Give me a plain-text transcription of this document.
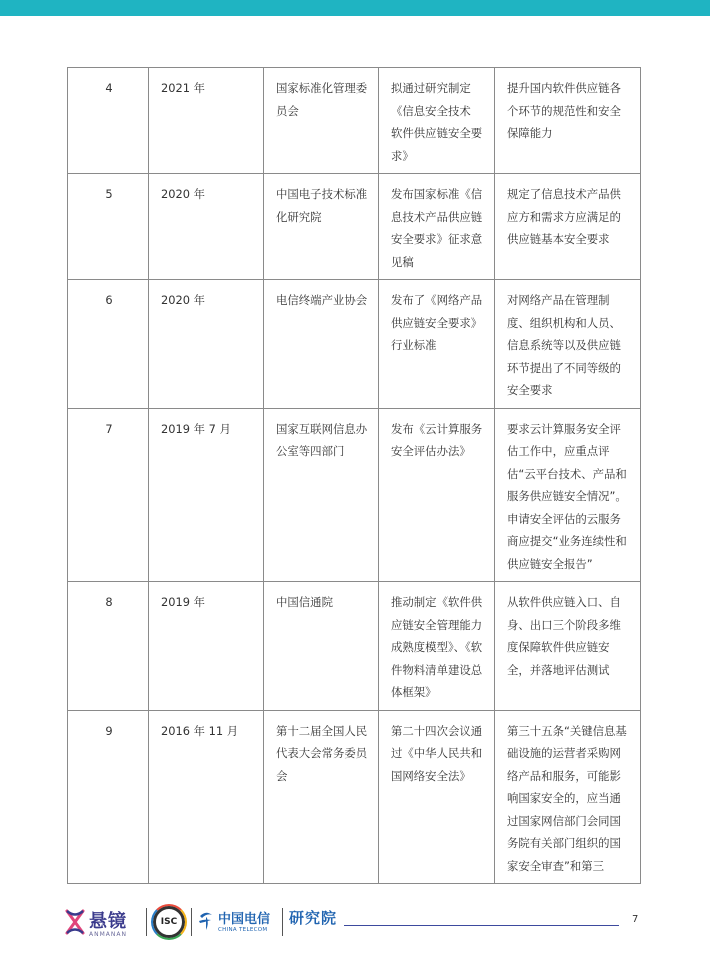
4	2021 年	国家标准化管理委员会	拟通过研究制定《信息安全技术 软件供应链安全要求》	提升国内软件供应链各个环节的规范性和安全保障能力
5	2020 年	中国电子技术标准化研究院	发布国家标准《信息技术产品供应链安全要求》征求意见稿	规定了信息技术产品供应方和需求方应满足的供应链基本安全要求
6	2020 年	电信终端产业协会	发布了《网络产品供应链安全要求》行业标准	对网络产品在管理制度、组织机构和人员、信息系统等以及供应链环节提出了不同等级的安全要求
7	2019 年 7 月	国家互联网信息办公室等四部门	发布《云计算服务安全评估办法》	要求云计算服务安全评估工作中，应重点评估“云平台技术、产品和服务供应链安全情况”。申请安全评估的云服务商应提交“业务连续性和供应链安全报告”
8	2019 年	中国信通院	推动制定《软件供应链安全管理能力成熟度模型》、《软件物料清单建设总体框架》	从软件供应链入口、自身、出口三个阶段多维度保障软件供应链安全，并落地评估测试
9	2016 年 11 月	第十二届全国人民代表大会常务委员会	第二十四次会议通过《中华人民共和国网络安全法》	第三十五条“关键信息基础设施的运营者采购网络产品和服务，可能影响国家安全的，应当通过国家网信部门会同国务院有关部门组织的国家安全审查”和第三
悬镜
ANMANAN
ISC	中国电信
CHINA TELECOM
研究院	7
